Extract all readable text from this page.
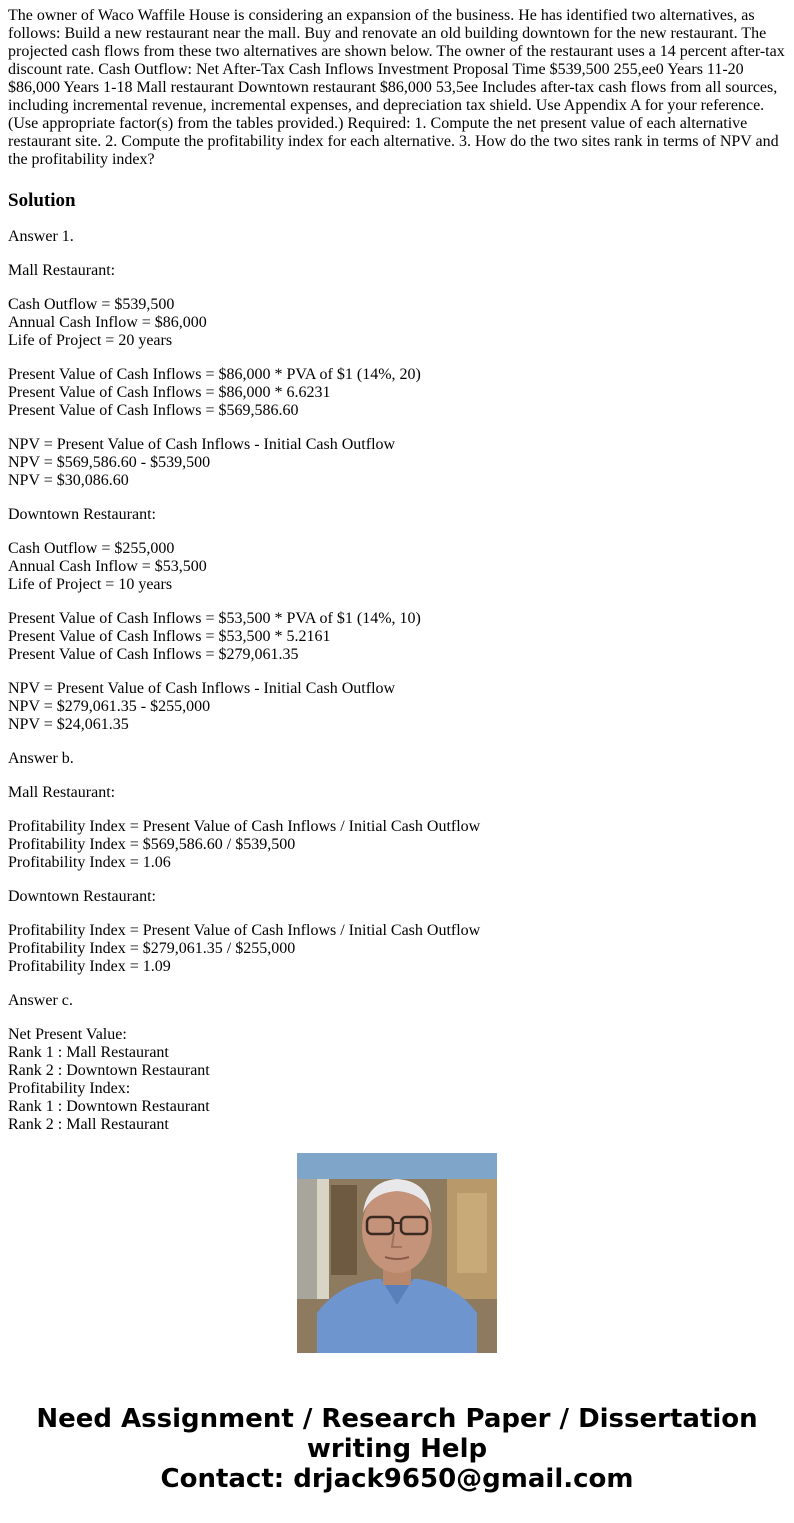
The owner of Waco Waffile House is considering an expansion of the business. He has identified two alternatives, as follows: Build a new restaurant near the mall. Buy and renovate an old building downtown for the new restaurant. The projected cash flows from these two alternatives are shown below. The owner of the restaurant uses a 14 percent after-tax discount rate. Cash Outflow: Net After-Tax Cash Inflows Investment Proposal Time $539,500 255,ee0 Years 11-20 $86,000 Years 1-18 Mall restaurant Downtown restaurant $86,000 53,5ee Includes after-tax cash flows from all sources, including incremental revenue, incremental expenses, and depreciation tax shield. Use Appendix A for your reference. (Use appropriate factor(s) from the tables provided.) Required: 1. Compute the net present value of each alternative restaurant site. 2. Compute the profitability index for each alternative. 3. How do the two sites rank in terms of NPV and the profitability index?

Solution
Answer 1.
Mall Restaurant:
Cash Outflow = $539,500
Annual Cash Inflow = $86,000
Life of Project = 20 years
Present Value of Cash Inflows = $86,000 * PVA of $1 (14%, 20)
Present Value of Cash Inflows = $86,000 * 6.6231
Present Value of Cash Inflows = $569,586.60
NPV = Present Value of Cash Inflows - Initial Cash Outflow
NPV = $569,586.60 - $539,500
NPV = $30,086.60
Downtown Restaurant:
Cash Outflow = $255,000
Annual Cash Inflow = $53,500
Life of Project = 10 years
Present Value of Cash Inflows = $53,500 * PVA of $1 (14%, 10)
Present Value of Cash Inflows = $53,500 * 5.2161
Present Value of Cash Inflows = $279,061.35
NPV = Present Value of Cash Inflows - Initial Cash Outflow
NPV = $279,061.35 - $255,000
NPV = $24,061.35
Answer b.
Mall Restaurant:
Profitability Index = Present Value of Cash Inflows / Initial Cash Outflow
Profitability Index = $569,586.60 / $539,500
Profitability Index = 1.06
Downtown Restaurant:
Profitability Index = Present Value of Cash Inflows / Initial Cash Outflow
Profitability Index = $279,061.35 / $255,000
Profitability Index = 1.09
Answer c.
Net Present Value:
Rank 1 : Mall Restaurant
Rank 2 : Downtown Restaurant
Profitability Index:
Rank 1 : Downtown Restaurant
Rank 2 : Mall Restaurant
Need Assignment / Research Paper / Dissertation
writing Help
Contact: drjack9650@gmail.com
